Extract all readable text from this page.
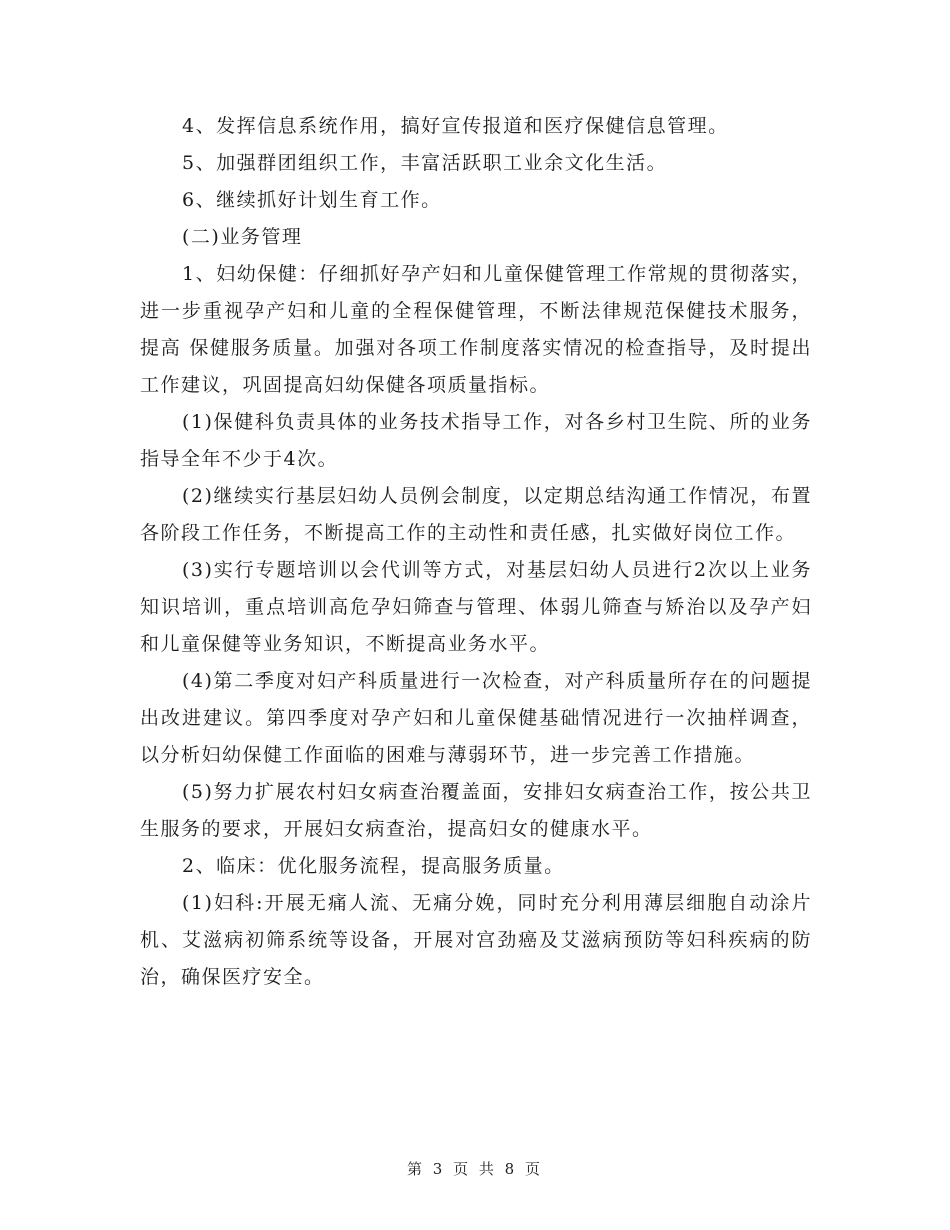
4、发挥信息系统作用，搞好宣传报道和医疗保健信息管理。

5、加强群团组织工作，丰富活跃职工业余文化生活。

6、继续抓好计划生育工作。

(二)业务管理

1、妇幼保健：仔细抓好孕产妇和儿童保健管理工作常规的贯彻落实，进一步重视孕产妇和儿童的全程保健管理，不断法律规范保健技术服务，提高 保健服务质量。加强对各项工作制度落实情况的检查指导，及时提出工作建议，巩固提高妇幼保健各项质量指标。

(1)保健科负责具体的业务技术指导工作，对各乡村卫生院、所的业务指导全年不少于4次。

(2)继续实行基层妇幼人员例会制度，以定期总结沟通工作情况，布置各阶段工作任务，不断提高工作的主动性和责任感，扎实做好岗位工作。

(3)实行专题培训以会代训等方式，对基层妇幼人员进行2次以上业务知识培训，重点培训高危孕妇筛查与管理、体弱儿筛查与矫治以及孕产妇和儿童保健等业务知识，不断提高业务水平。

(4)第二季度对妇产科质量进行一次检查，对产科质量所存在的问题提出改进建议。第四季度对孕产妇和儿童保健基础情况进行一次抽样调查，以分析妇幼保健工作面临的困难与薄弱环节，进一步完善工作措施。

(5)努力扩展农村妇女病查治覆盖面，安排妇女病查治工作，按公共卫生服务的要求，开展妇女病查治，提高妇女的健康水平。

2、临床：优化服务流程，提高服务质量。

(1)妇科:开展无痛人流、无痛分娩，同时充分利用薄层细胞自动涂片机、艾滋病初筛系统等设备，开展对宫劲癌及艾滋病预防等妇科疾病的防治，确保医疗安全。

第 3 页 共 8 页
